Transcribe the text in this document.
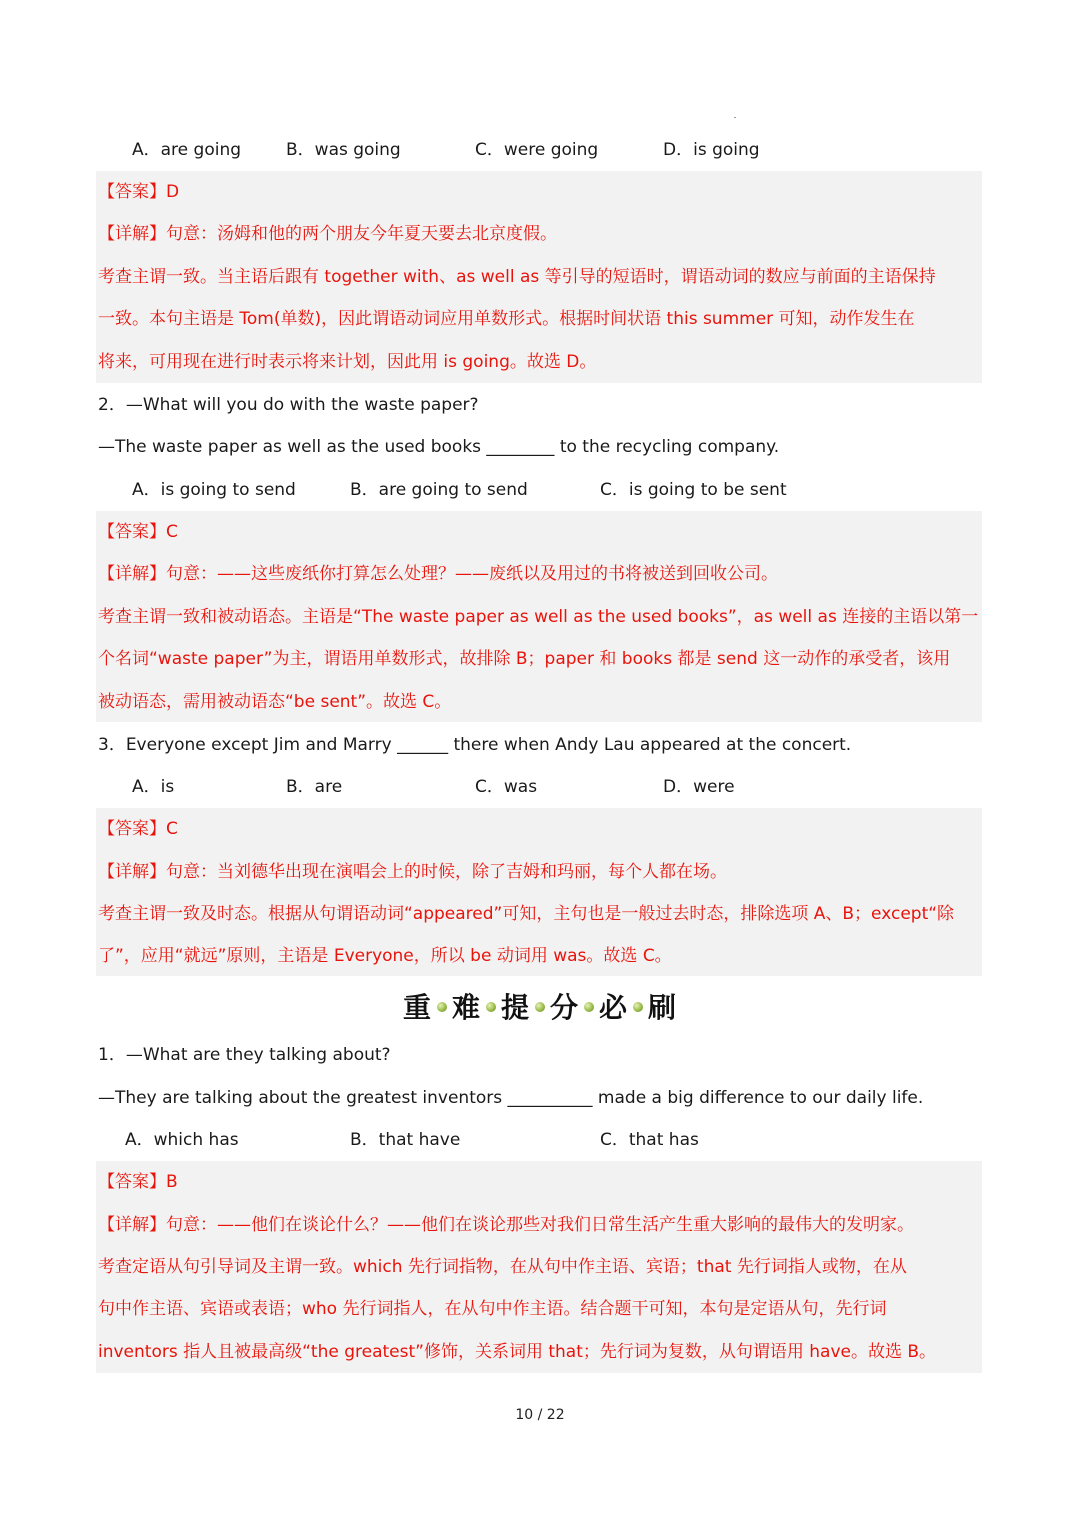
A．are going	B．was going	C．were going	D．is going
【答案】D
【详解】句意：汤姆和他的两个朋友今年夏天要去北京度假。
考查主谓一致。当主语后跟有 together with、as well as 等引导的短语时，谓语动词的数应与前面的主语保持
一致。本句主语是 Tom(单数)，因此谓语动词应用单数形式。根据时间状语 this summer 可知，动作发生在
将来，可用现在进行时表示将来计划，因此用 is going。故选 D。
2．—What will you do with the waste paper?
—The waste paper as well as the used books ________ to the recycling company.
A．is going to send	B．are going to send	C．is going to be sent
【答案】C
【详解】句意：——这些废纸你打算怎么处理？——废纸以及用过的书将被送到回收公司。
考查主谓一致和被动语态。主语是“The waste paper as well as the used books”，as well as 连接的主语以第一
个名词“waste paper”为主，谓语用单数形式，故排除 B；paper 和 books 都是 send 这一动作的承受者，该用
被动语态，需用被动语态“be sent”。故选 C。
3．Everyone except Jim and Marry ______ there when Andy Lau appeared at the concert.
A．is	B．are	C．was	D．were
【答案】C
【详解】句意：当刘德华出现在演唱会上的时候，除了吉姆和玛丽，每个人都在场。
考查主谓一致及时态。根据从句谓语动词“appeared”可知，主句也是一般过去时态，排除选项 A、B；except“除
了”，应用“就远”原则，主语是 Everyone，所以 be 动词用 was。故选 C。
重 难 提 分 必 刷
1．—What are they talking about?
—They are talking about the greatest inventors __________ made a big difference to our daily life.
A．which has	B．that have	C．that has
【答案】B
【详解】句意：——他们在谈论什么？——他们在谈论那些对我们日常生活产生重大影响的最伟大的发明家。
考查定语从句引导词及主谓一致。which 先行词指物，在从句中作主语、宾语；that 先行词指人或物，在从
句中作主语、宾语或表语；who 先行词指人，在从句中作主语。结合题干可知，本句是定语从句，先行词
inventors 指人且被最高级“the greatest”修饰，关系词用 that；先行词为复数，从句谓语用 have。故选 B。
10 / 22
